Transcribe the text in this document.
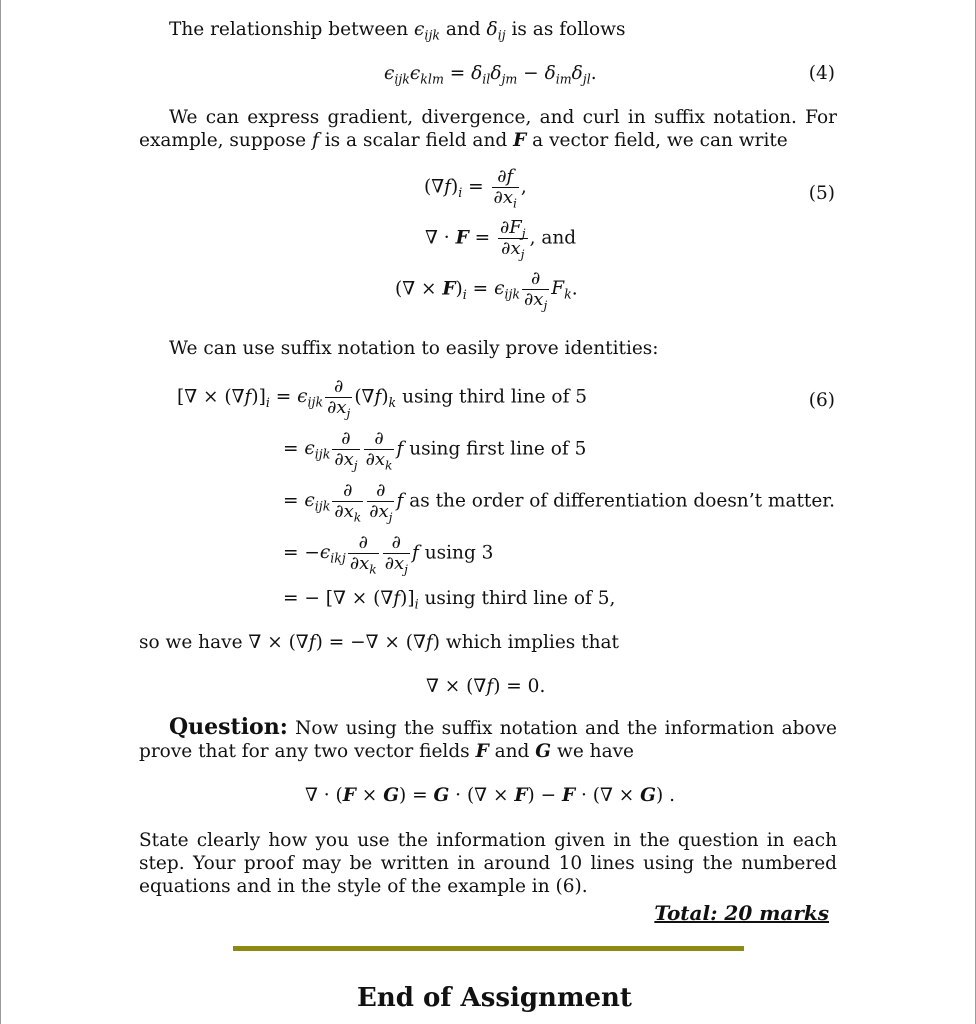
The relationship between $\epsilon_{ijk}$ and $\delta_{ij}$ is as follows
$\epsilon_{ijk}\epsilon_{klm} = \delta_{il}\delta_{jm} - \delta_{im}\delta_{jl}$.	(4)
We can express gradient, divergence, and curl in suffix notation. For example, suppose f is a scalar field and F a vector field, we can write
$(\nabla f)_i = \frac{\partial f}{\partial x_i}$ ,	(5)
∇ · $F = \frac{\partial F_j}{\partial x_j}$ , and
(∇ × $F)_i = \epsilon_{ijk} \frac{\partial}{\partial x_j} F_k$.
We can use suffix notation to easily prove identities:
[∇ × $(\nabla f)]_i = \epsilon_{ijk} \frac{\partial}{\partial x_j} (\nabla f)_k$ using third line of 5	(6)
= $\epsilon_{ijk} \frac{\partial}{\partial x_j} \frac{\partial}{\partial x_k}$ f using first line of 5
= $\epsilon_{ijk} \frac{\partial}{\partial x_k} \frac{\partial}{\partial x_j}$ f as the order of differentiation doesn’t matter.
= $-\epsilon_{ikj} \frac{\partial}{\partial x_k} \frac{\partial}{\partial x_j}$ f using 3
= − [∇ × $(\nabla f)]_i$ using third line of 5,
so we have ∇ × (∇f) = −∇ × (∇f) which implies that
∇ × (∇f) = 0.
Question: Now using the suffix notation and the information above prove that for any two vector fields F and G we have
∇ · (F × G) = G · (∇ × F) − F · (∇ × G) .
State clearly how you use the information given in the question in each step. Your proof may be written in around 10 lines using the numbered equations and in the style of the example in (6).
Total: 20 marks
End of Assignment
